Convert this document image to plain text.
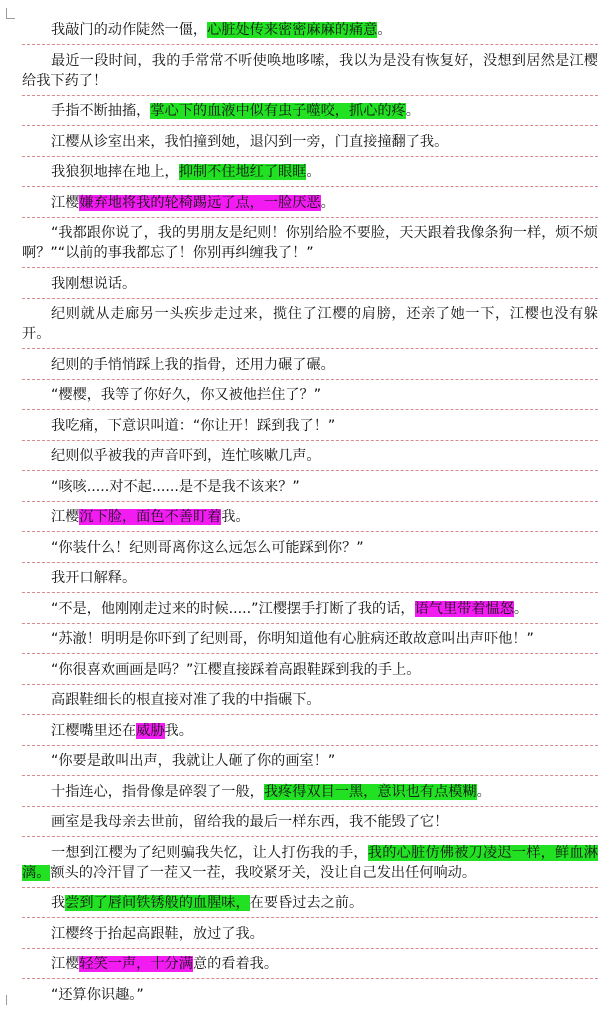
我敲门的动作陡然一僵，心脏处传来密密麻麻的痛意。

最近一段时间，我的手常常不听使唤地哆嗦，我以为是没有恢复好，没想到居然是江樱给我下药了！

手指不断抽搐，掌心下的血液中似有虫子噬咬，抓心的疼。

江樱从诊室出来，我怕撞到她，退闪到一旁，门直接撞翻了我。

我狼狈地摔在地上，抑制不住地红了眼眶。

江樱嫌弃地将我的轮椅踢远了点，一脸厌恶。

“我都跟你说了，我的男朋友是纪则！你别给脸不要脸，天天跟着我像条狗一样，烦不烦啊？”“以前的事我都忘了！你别再纠缠我了！”

我刚想说话。

纪则就从走廊另一头疾步走过来，揽住了江樱的肩膀，还亲了她一下，江樱也没有躲开。

纪则的手悄悄踩上我的指骨，还用力碾了碾。

“樱樱，我等了你好久，你又被他拦住了？”

我吃痛，下意识叫道：“你让开！踩到我了！”

纪则似乎被我的声音吓到，连忙咳嗽几声。

“咳咳.....对不起......是不是我不该来？”

江樱沉下脸，面色不善盯着我。

“你装什么！纪则哥离你这么远怎么可能踩到你？”

我开口解释。

“不是，他刚刚走过来的时候.....”江樱摆手打断了我的话，语气里带着愠怒。

“苏澈！明明是你吓到了纪则哥，你明知道他有心脏病还敢故意叫出声吓他！”

“你很喜欢画画是吗？”江樱直接踩着高跟鞋踩到我的手上。

高跟鞋细长的根直接对准了我的中指碾下。

江樱嘴里还在威胁我。

“你要是敢叫出声，我就让人砸了你的画室！”

十指连心，指骨像是碎裂了一般，我疼得双目一黑，意识也有点模糊。

画室是我母亲去世前，留给我的最后一样东西，我不能毁了它！

一想到江樱为了纪则骗我失忆，让人打伤我的手，我的心脏仿佛被刀凌迟一样，鲜血淋漓。额头的冷汗冒了一茬又一茬，我咬紧牙关，没让自己发出任何响动。

我尝到了唇间铁锈般的血腥味，在要昏过去之前。

江樱终于抬起高跟鞋，放过了我。

江樱轻笑一声，十分满意的看着我。

“还算你识趣。”
